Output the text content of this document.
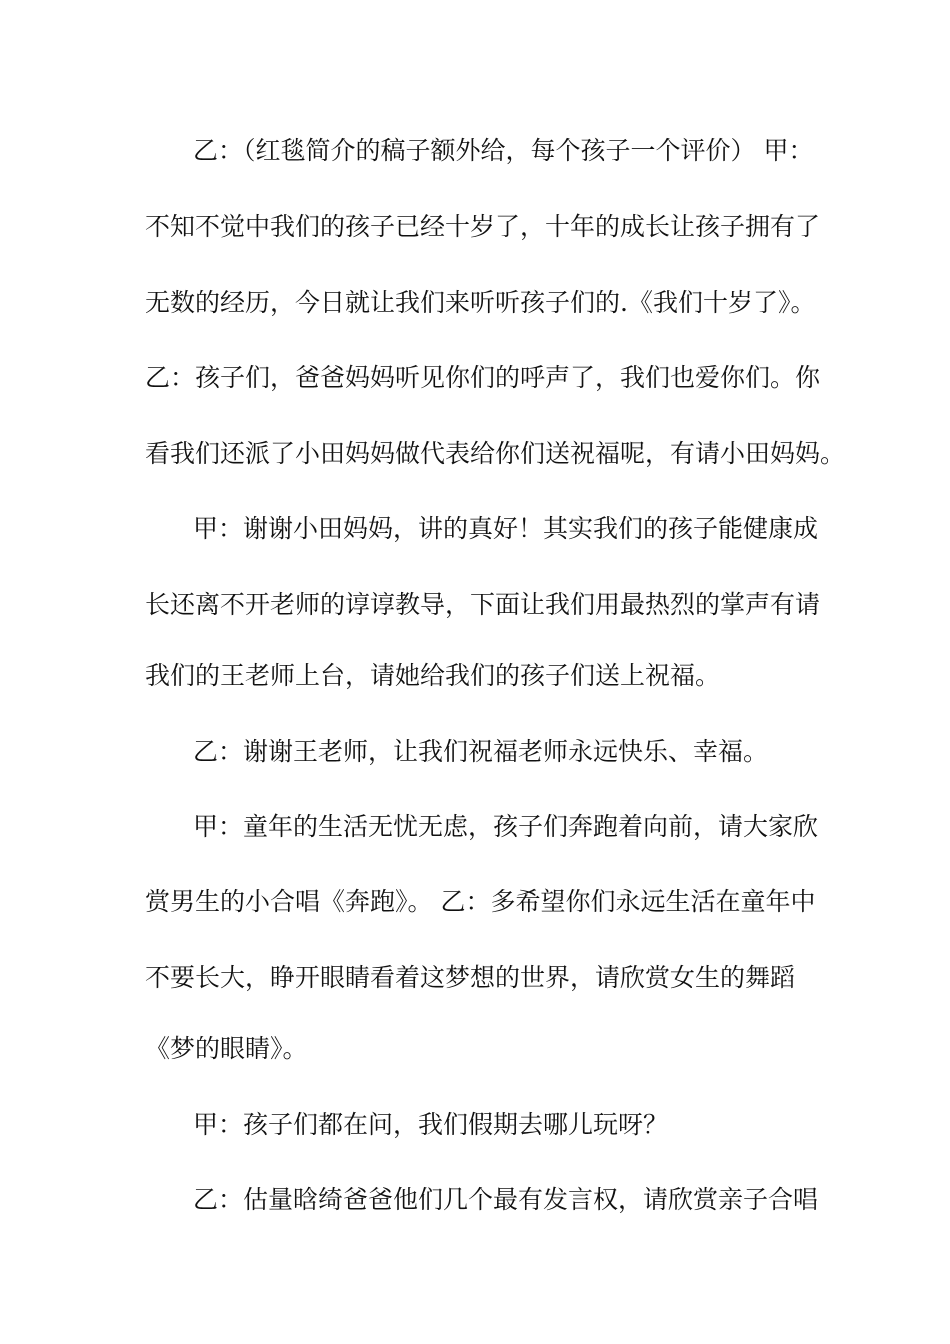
乙：（红毯简介的稿子额外给，每个孩子一个评价） 甲：
不知不觉中我们的孩子已经十岁了，十年的成长让孩子拥有了
无数的经历，今日就让我们来听听孩子们的.《我们十岁了》。
乙：孩子们，爸爸妈妈听见你们的呼声了，我们也爱你们。你
看我们还派了小田妈妈做代表给你们送祝福呢，有请小田妈妈。
甲：谢谢小田妈妈，讲的真好！其实我们的孩子能健康成
长还离不开老师的谆谆教导，下面让我们用最热烈的掌声有请
我们的王老师上台，请她给我们的孩子们送上祝福。
乙：谢谢王老师，让我们祝福老师永远快乐、幸福。
甲：童年的生活无忧无虑，孩子们奔跑着向前，请大家欣
赏男生的小合唱《奔跑》。 乙：多希望你们永远生活在童年中
不要长大，睁开眼睛看着这梦想的世界，请欣赏女生的舞蹈
《梦的眼睛》。
甲：孩子们都在问，我们假期去哪儿玩呀？
乙：估量晗绮爸爸他们几个最有发言权，请欣赏亲子合唱
